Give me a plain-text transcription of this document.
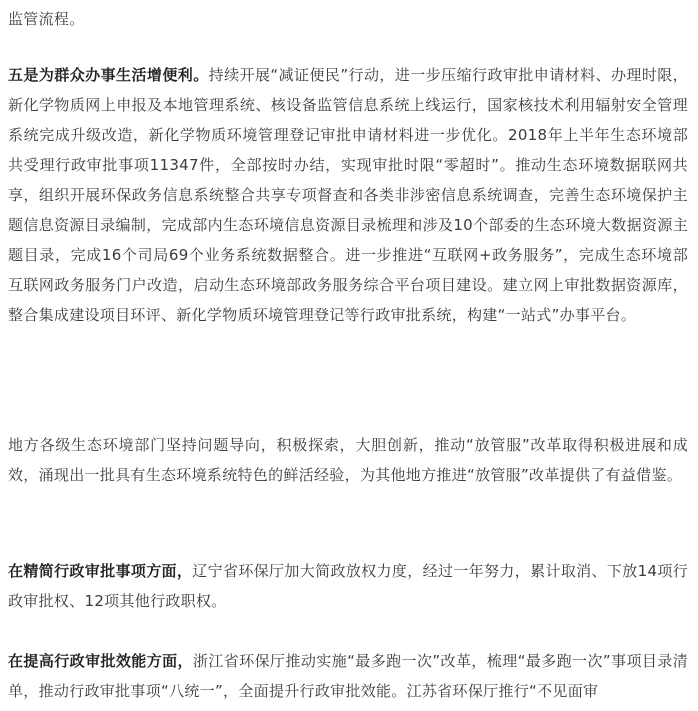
监管流程。

五是为群众办事生活增便利。持续开展“减证便民”行动，进一步压缩行政审批申请材料、办理时限，新化学物质网上申报及本地管理系统、核设备监管信息系统上线运行，国家核技术利用辐射安全管理系统完成升级改造，新化学物质环境管理登记审批申请材料进一步优化。2018年上半年生态环境部共受理行政审批事项11347件，全部按时办结，实现审批时限“零超时”。推动生态环境数据联网共享，组织开展环保政务信息系统整合共享专项督查和各类非涉密信息系统调查，完善生态环境保护主题信息资源目录编制，完成部内生态环境信息资源目录梳理和涉及10个部委的生态环境大数据资源主题目录，完成16个司局69个业务系统数据整合。进一步推进“互联网+政务服务”，完成生态环境部互联网政务服务门户改造，启动生态环境部政务服务综合平台项目建设。建立网上审批数据资源库，整合集成建设项目环评、新化学物质环境管理登记等行政审批系统，构建“一站式”办事平台。

地方各级生态环境部门坚持问题导向，积极探索，大胆创新，推动“放管服”改革取得积极进展和成效，涌现出一批具有生态环境系统特色的鲜活经验，为其他地方推进“放管服”改革提供了有益借鉴。

在精简行政审批事项方面，辽宁省环保厅加大简政放权力度，经过一年努力，累计取消、下放14项行政审批权、12项其他行政职权。

在提高行政审批效能方面，浙江省环保厅推动实施“最多跑一次”改革，梳理“最多跑一次”事项目录清单，推动行政审批事项“八统一”，全面提升行政审批效能。江苏省环保厅推行“不见面审
